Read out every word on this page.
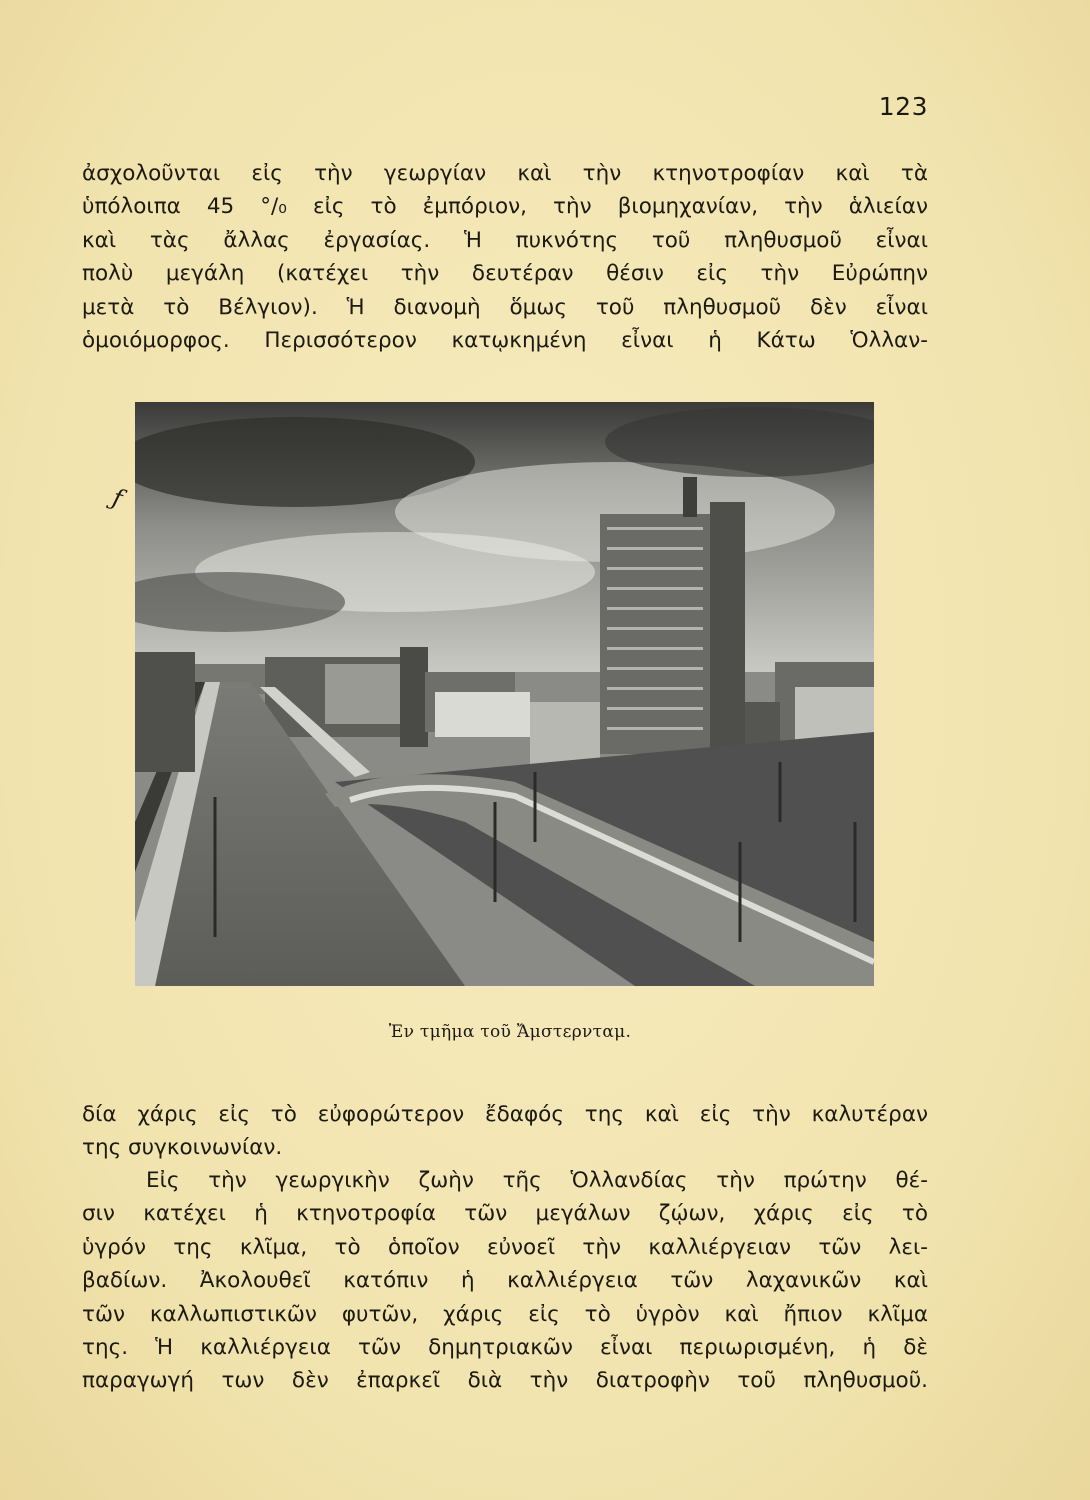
123
ἀσχολοῦνται εἰς τὴν γεωργίαν καὶ τὴν κτηνοτροφίαν καὶ τὰ
ὑπόλοιπα 45 °/₀ εἰς τὸ ἐμπόριον, τὴν βιομηχανίαν, τὴν ἁλιείαν
καὶ τὰς ἄλλας ἐργασίας. Ἡ πυκνότης τοῦ πληθυσμοῦ εἶναι
πολὺ μεγάλη (κατέχει τὴν δευτέραν θέσιν εἰς τὴν Εὐρώπην
μετὰ τὸ Βέλγιον). Ἡ διανομὴ ὅμως τοῦ πληθυσμοῦ δὲν εἶναι
ὁμοιόμορφος. Περισσότερον κατῳκημένη εἶναι ἡ Κάτω Ὁλλαν-
ƒ
Ἐν τμῆμα τοῦ Ἄμστερνταμ.
δία χάρις εἰς τὸ εὐφορώτερον ἔδαφός της καὶ εἰς τὴν καλυτέραν
της συγκοινωνίαν.
Εἰς τὴν γεωργικὴν ζωὴν τῆς Ὁλλανδίας τὴν πρώτην θέ-
σιν κατέχει ἡ κτηνοτροφία τῶν μεγάλων ζῴων, χάρις εἰς τὸ
ὑγρόν της κλῖμα, τὸ ὁποῖον εὐνοεῖ τὴν καλλιέργειαν τῶν λει-
βαδίων. Ἀκολουθεῖ κατόπιν ἡ καλλιέργεια τῶν λαχανικῶν καὶ
τῶν καλλωπιστικῶν φυτῶν, χάρις εἰς τὸ ὑγρὸν καὶ ἤπιον κλῖμα
της. Ἡ καλλιέργεια τῶν δημητριακῶν εἶναι περιωρισμένη, ἡ δὲ
παραγωγή των δὲν ἐπαρκεῖ διὰ τὴν διατροφὴν τοῦ πληθυσμοῦ.
